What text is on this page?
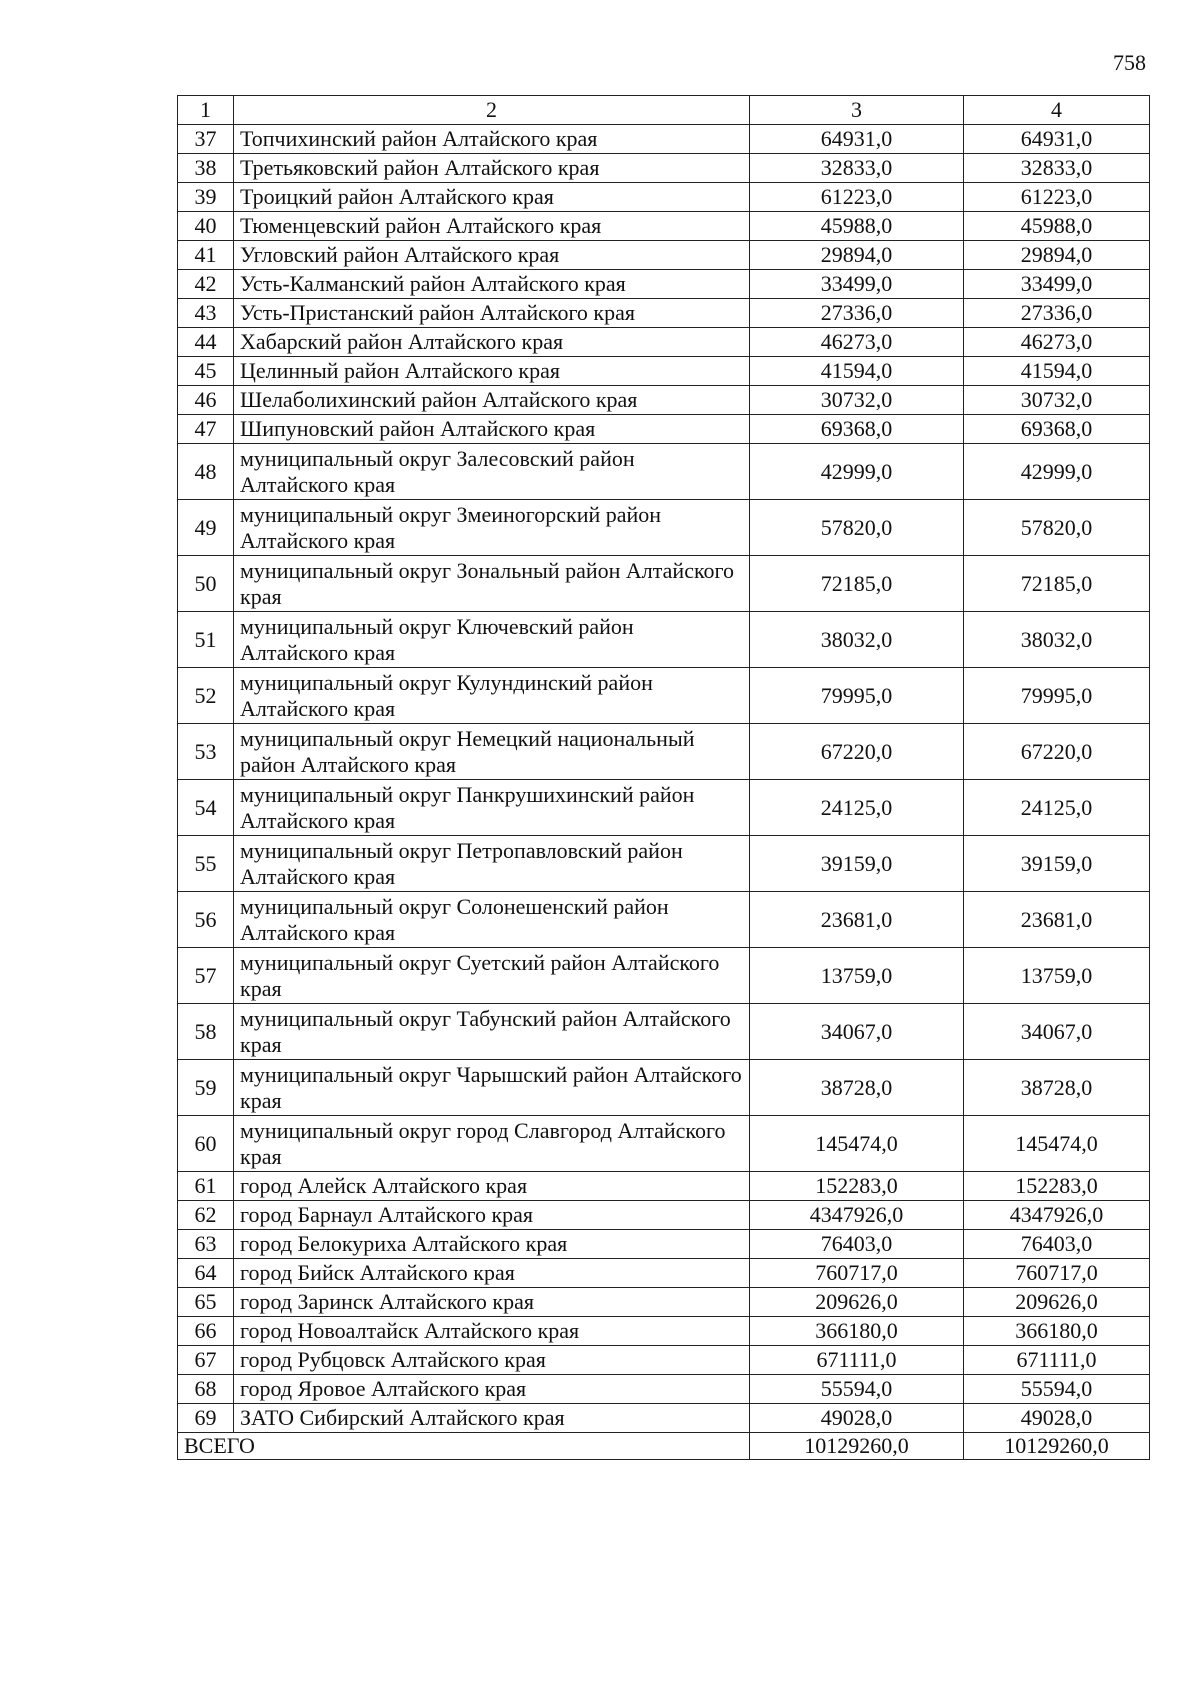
758
1	2	3	4
37	Топчихинский район Алтайского края	64931,0	64931,0
38	Третьяковский район Алтайского края	32833,0	32833,0
39	Троицкий район Алтайского края	61223,0	61223,0
40	Тюменцевский район Алтайского края	45988,0	45988,0
41	Угловский район Алтайского края	29894,0	29894,0
42	Усть-Калманский район Алтайского края	33499,0	33499,0
43	Усть-Пристанский район Алтайского края	27336,0	27336,0
44	Хабарский район Алтайского края	46273,0	46273,0
45	Целинный район Алтайского края	41594,0	41594,0
46	Шелаболихинский район Алтайского края	30732,0	30732,0
47	Шипуновский район Алтайского края	69368,0	69368,0
48	муниципальный округ Залесовский район Алтайского края	42999,0	42999,0
49	муниципальный округ Змеиногорский район Алтайского края	57820,0	57820,0
50	муниципальный округ Зональный район Алтайского края	72185,0	72185,0
51	муниципальный округ Ключевский район Алтайского края	38032,0	38032,0
52	муниципальный округ Кулундинский район Алтайского края	79995,0	79995,0
53	муниципальный округ Немецкий национальный район Алтайского края	67220,0	67220,0
54	муниципальный округ Панкрушихинский район Алтайского края	24125,0	24125,0
55	муниципальный округ Петропавловский район Алтайского края	39159,0	39159,0
56	муниципальный округ Солонешенский район Алтайского края	23681,0	23681,0
57	муниципальный округ Суетский район Алтайского края	13759,0	13759,0
58	муниципальный округ Табунский район Алтайского края	34067,0	34067,0
59	муниципальный округ Чарышский район Алтайского края	38728,0	38728,0
60	муниципальный округ город Славгород Алтайского края	145474,0	145474,0
61	город Алейск Алтайского края	152283,0	152283,0
62	город Барнаул Алтайского края	4347926,0	4347926,0
63	город Белокуриха Алтайского края	76403,0	76403,0
64	город Бийск Алтайского края	760717,0	760717,0
65	город Заринск Алтайского края	209626,0	209626,0
66	город Новоалтайск Алтайского края	366180,0	366180,0
67	город Рубцовск Алтайского края	671111,0	671111,0
68	город Яровое Алтайского края	55594,0	55594,0
69	ЗАТО Сибирский Алтайского края	49028,0	49028,0
ВСЕГО		10129260,0	10129260,0
